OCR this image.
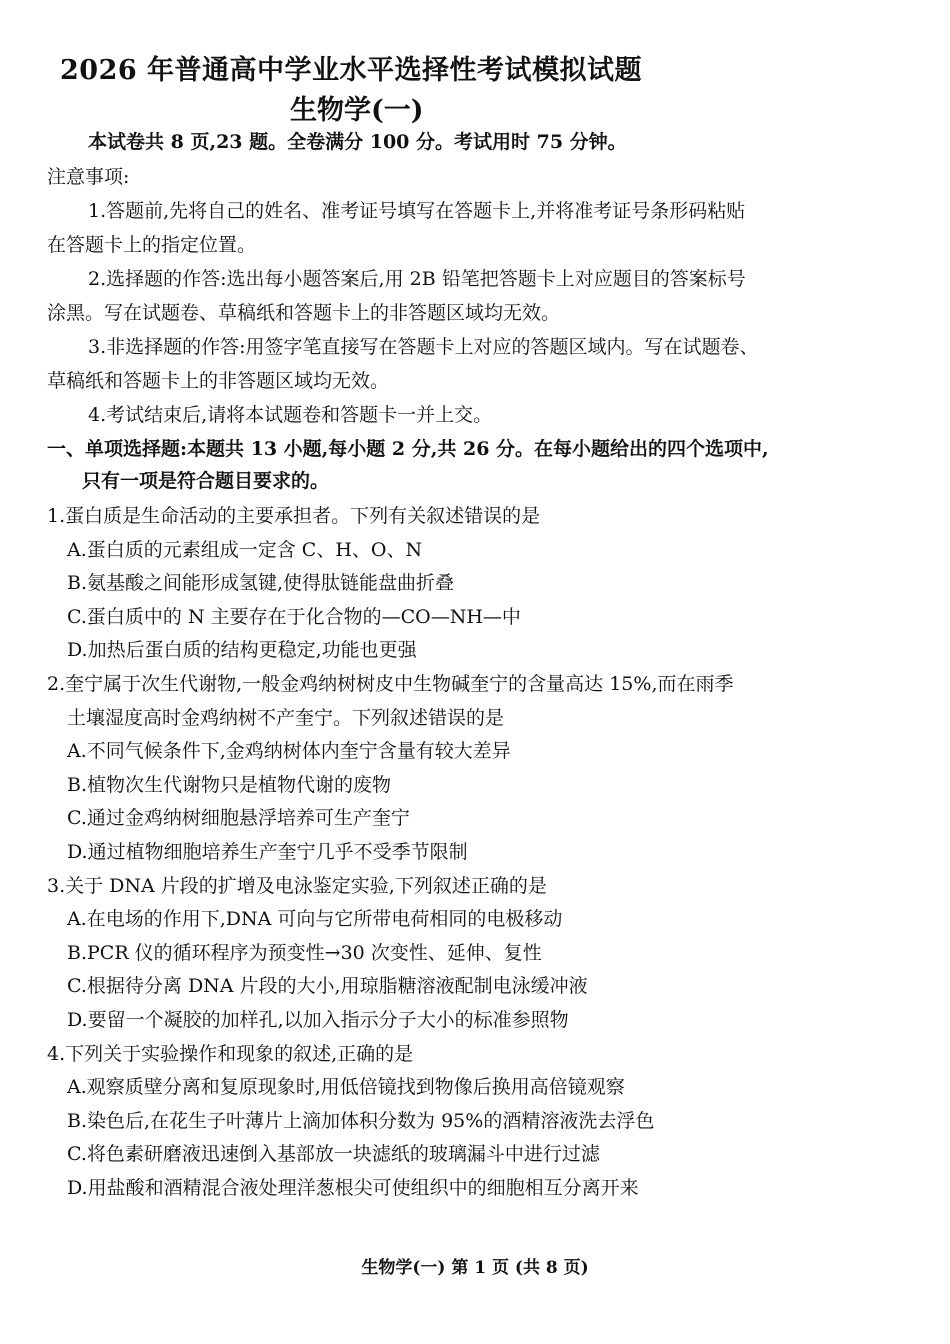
2026 年普通高中学业水平选择性考试模拟试题
生物学(一)
本试卷共 8 页,23 题。全卷满分 100 分。考试用时 75 分钟。
注意事项:
1.答题前,先将自己的姓名、准考证号填写在答题卡上,并将准考证号条形码粘贴
在答题卡上的指定位置。
2.选择题的作答:选出每小题答案后,用 2B 铅笔把答题卡上对应题目的答案标号
涂黑。写在试题卷、草稿纸和答题卡上的非答题区域均无效。
3.非选择题的作答:用签字笔直接写在答题卡上对应的答题区域内。写在试题卷、
草稿纸和答题卡上的非答题区域均无效。
4.考试结束后,请将本试题卷和答题卡一并上交。
一、单项选择题:本题共 13 小题,每小题 2 分,共 26 分。在每小题给出的四个选项中,
只有一项是符合题目要求的。
1.蛋白质是生命活动的主要承担者。下列有关叙述错误的是
A.蛋白质的元素组成一定含 C、H、O、N
B.氨基酸之间能形成氢键,使得肽链能盘曲折叠
C.蛋白质中的 N 主要存在于化合物的—CO—NH—中
D.加热后蛋白质的结构更稳定,功能也更强
2.奎宁属于次生代谢物,一般金鸡纳树树皮中生物碱奎宁的含量高达 15%,而在雨季
土壤湿度高时金鸡纳树不产奎宁。下列叙述错误的是
A.不同气候条件下,金鸡纳树体内奎宁含量有较大差异
B.植物次生代谢物只是植物代谢的废物
C.通过金鸡纳树细胞悬浮培养可生产奎宁
D.通过植物细胞培养生产奎宁几乎不受季节限制
3.关于 DNA 片段的扩增及电泳鉴定实验,下列叙述正确的是
A.在电场的作用下,DNA 可向与它所带电荷相同的电极移动
B.PCR 仪的循环程序为预变性→30 次变性、延伸、复性
C.根据待分离 DNA 片段的大小,用琼脂糖溶液配制电泳缓冲液
D.要留一个凝胶的加样孔,以加入指示分子大小的标准参照物
4.下列关于实验操作和现象的叙述,正确的是
A.观察质壁分离和复原现象时,用低倍镜找到物像后换用高倍镜观察
B.染色后,在花生子叶薄片上滴加体积分数为 95%的酒精溶液洗去浮色
C.将色素研磨液迅速倒入基部放一块滤纸的玻璃漏斗中进行过滤
D.用盐酸和酒精混合液处理洋葱根尖可使组织中的细胞相互分离开来
生物学(一) 第 1 页 (共 8 页)
